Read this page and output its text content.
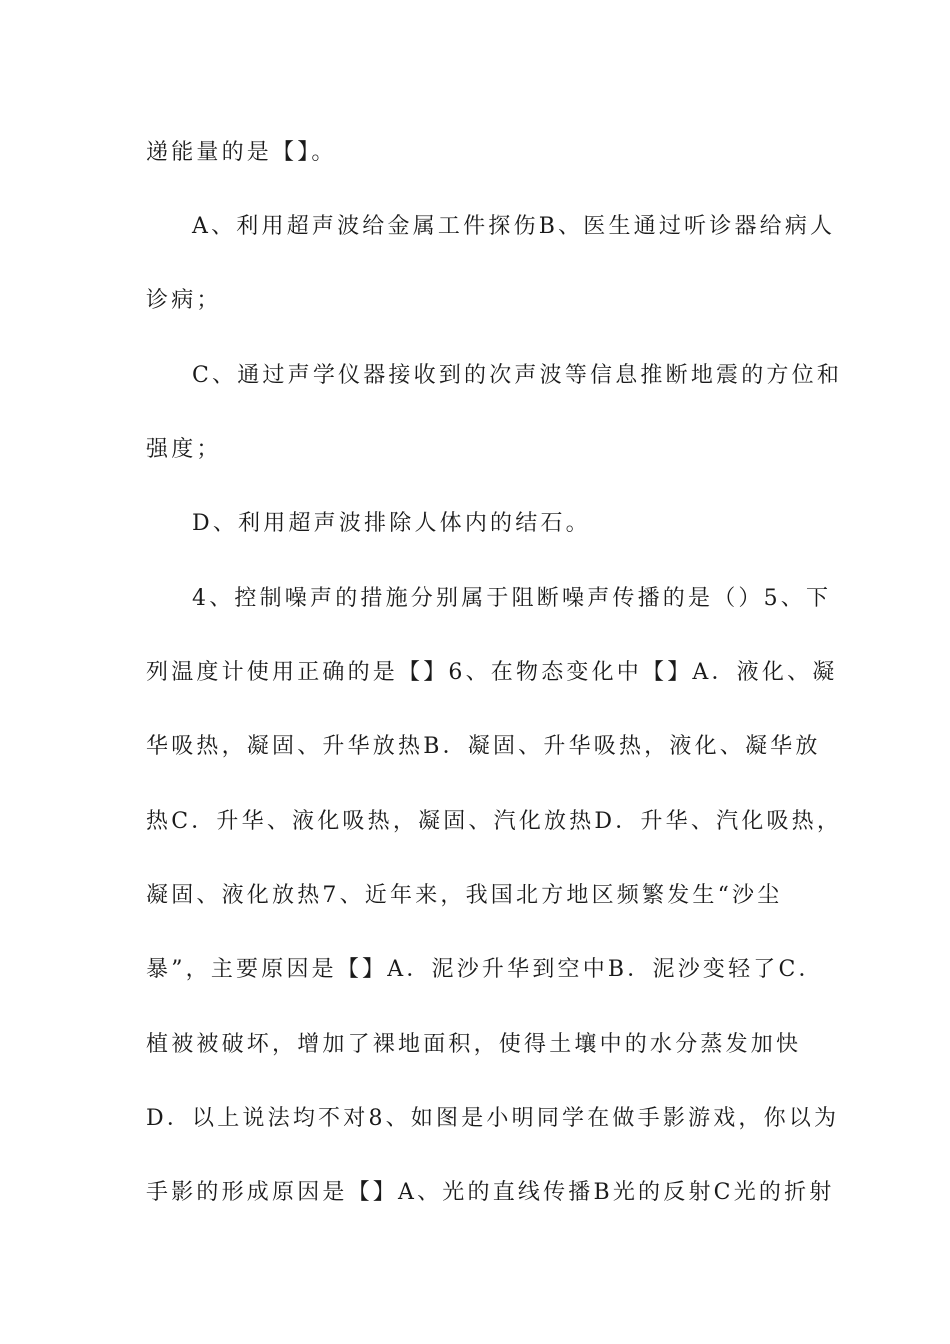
递能量的是【】。
A、利用超声波给金属工件探伤B、医生通过听诊器给病人
诊病；
C、通过声学仪器接收到的次声波等信息推断地震的方位和
强度；
D、利用超声波排除人体内的结石。
4、控制噪声的措施分别属于阻断噪声传播的是（）5、下
列温度计使用正确的是【】6、在物态变化中【】A．液化、凝
华吸热，凝固、升华放热B．凝固、升华吸热，液化、凝华放
热C．升华、液化吸热，凝固、汽化放热D．升华、汽化吸热，
凝固、液化放热7、近年来，我国北方地区频繁发生“沙尘
暴”，主要原因是【】A．泥沙升华到空中B．泥沙变轻了C．
植被被破坏，增加了裸地面积，使得土壤中的水分蒸发加快
D．以上说法均不对8、如图是小明同学在做手影游戏，你以为
手影的形成原因是【】A、光的直线传播B光的反射C光的折射
